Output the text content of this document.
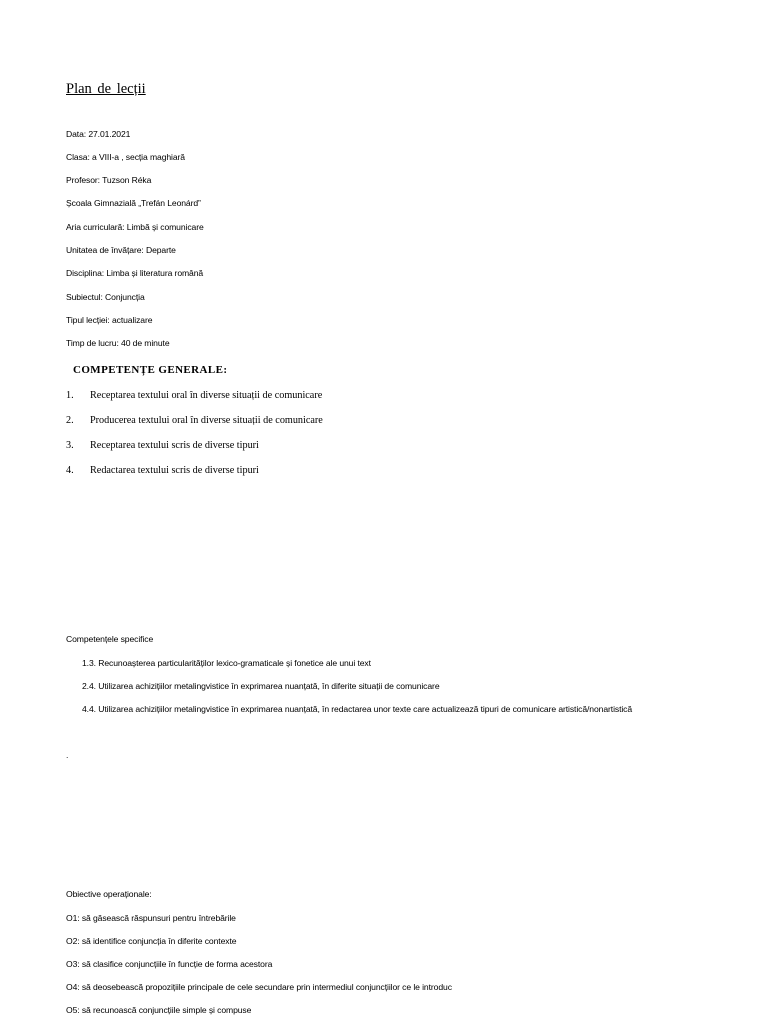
Plan de lecții
Data: 27.01.2021
Clasa: a VIII-a , secția maghiară
Profesor: Tuzson Réka
Școala Gimnazială „Trefán Leonárd”
Aria curriculară: Limbă și comunicare
Unitatea de învățare: Departe
Disciplina: Limba și literatura română
Subiectul: Conjuncția
Tipul lecției: actualizare
Timp de lucru: 40 de minute
COMPETENȚE GENERALE:
1. Receptarea textului oral în diverse situații de comunicare
2. Producerea textului oral în diverse situații de comunicare
3. Receptarea textului scris de diverse tipuri
4. Redactarea textului scris de diverse tipuri
Competențele specifice
1.3. Recunoașterea particularităților lexico-gramaticale și fonetice ale unui text
2.4. Utilizarea achizițiilor metalingvistice în exprimarea nuanțată, în diferite situații de comunicare
4.4. Utilizarea achizițiilor metalingvistice în exprimarea nuanțată, în redactarea unor texte care actualizează tipuri de comunicare artistică/nonartistică
.
Obiective operaționale:
O1: să găsească răspunsuri pentru întrebările
O2: să identifice conjuncția în diferite contexte
O3: să clasifice conjuncțiile în funcție de forma acestora
O4: să deosebească propozițiile principale de cele secundare prin intermediul conjuncțiilor ce le introduc
O5: să recunoască conjuncțiile simple și compuse
